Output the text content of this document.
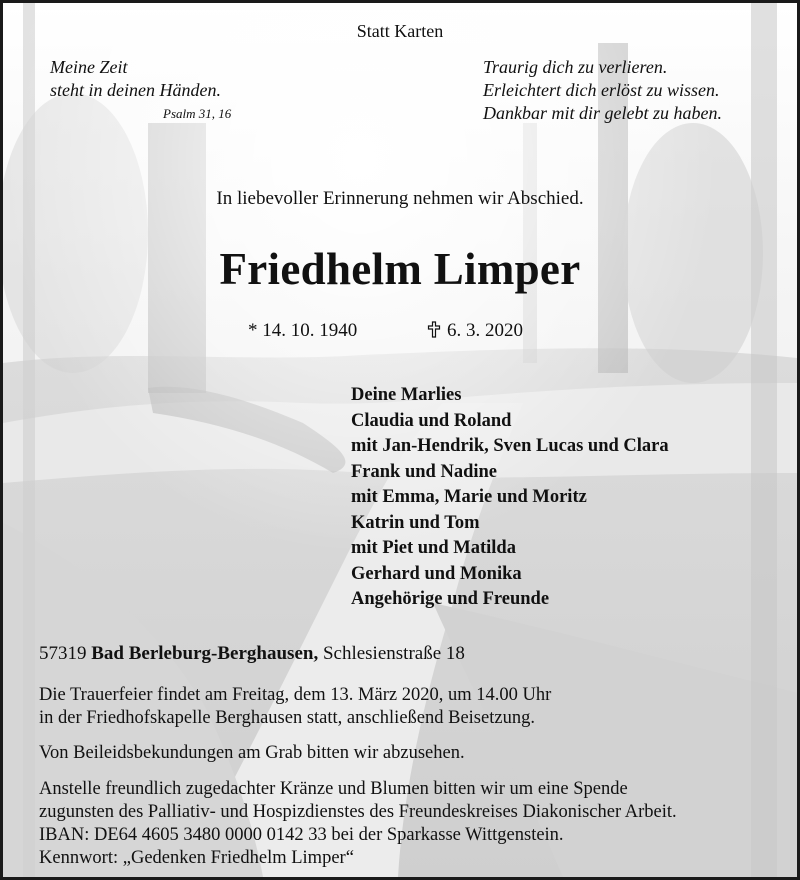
Statt Karten
Meine Zeit
steht in deinen Händen.
Psalm 31, 16
Traurig dich zu verlieren.
Erleichtert dich erlöst zu wissen.
Dankbar mit dir gelebt zu haben.
In liebevoller Erinnerung nehmen wir Abschied.
Friedhelm Limper
* 14. 10. 1940	6. 3. 2020
Deine Marlies
Claudia und Roland
mit Jan-Hendrik, Sven Lucas und Clara
Frank und Nadine
mit Emma, Marie und Moritz
Katrin und Tom
mit Piet und Matilda
Gerhard und Monika
Angehörige und Freunde
57319 Bad Berleburg-Berghausen, Schlesienstraße 18
Die Trauerfeier findet am Freitag, dem 13. März 2020, um 14.00 Uhr
in der Friedhofskapelle Berghausen statt, anschließend Beisetzung.
Von Beileidsbekundungen am Grab bitten wir abzusehen.
Anstelle freundlich zugedachter Kränze und Blumen bitten wir um eine Spende
zugunsten des Palliativ- und Hospizdienstes des Freundeskreises Diakonischer Arbeit.
IBAN: DE64 4605 3480 0000 0142 33 bei der Sparkasse Wittgenstein.
Kennwort: „Gedenken Friedhelm Limper“
